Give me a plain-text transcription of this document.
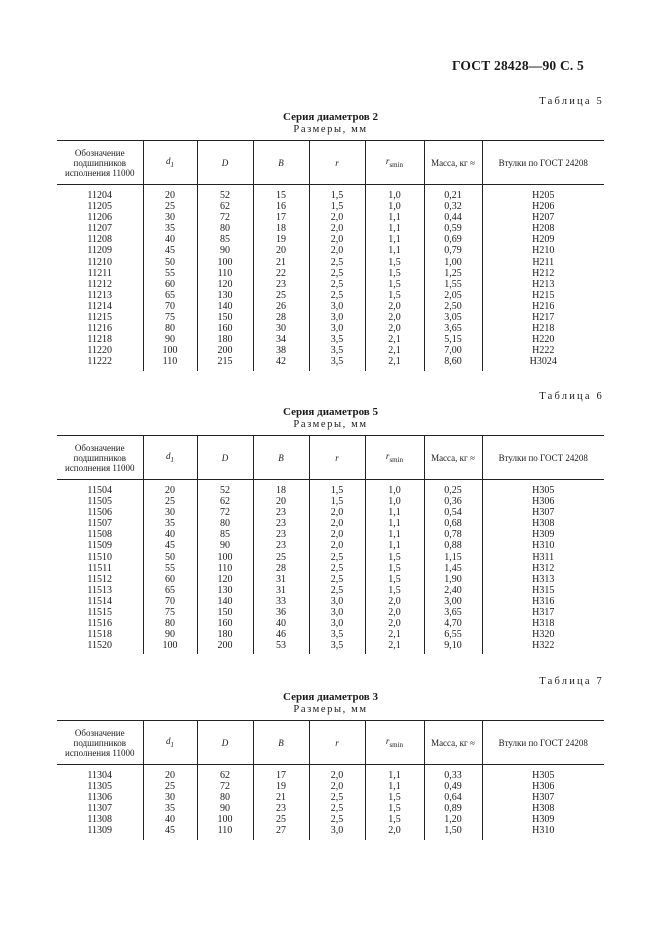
ГОСТ 28428—90 С. 5
Таблица 5
Серия диаметров 2
Размеры, мм
Обозначение подшипников исполнения 11000	$d_1$	D	B	r	$r_{smin}$	Масса, кг ≈	Втулки по ГОСТ 24208
11204	20	52	15	1,5	1,0	0,21	H205
11205	25	62	16	1,5	1,0	0,32	H206
11206	30	72	17	2,0	1,1	0,44	H207
11207	35	80	18	2,0	1,1	0,59	H208
11208	40	85	19	2,0	1,1	0,69	H209
11209	45	90	20	2,0	1,1	0,79	H210
11210	50	100	21	2,5	1,5	1,00	H211
11211	55	110	22	2,5	1,5	1,25	H212
11212	60	120	23	2,5	1,5	1,55	H213
11213	65	130	25	2,5	1,5	2,05	H215
11214	70	140	26	3,0	2,0	2,50	H216
11215	75	150	28	3,0	2,0	3,05	H217
11216	80	160	30	3,0	2,0	3,65	H218
11218	90	180	34	3,5	2,1	5,15	H220
11220	100	200	38	3,5	2,1	7,00	H222
11222	110	215	42	3,5	2,1	8,60	H3024
Таблица 6
Серия диаметров 5
Размеры, мм
Обозначение подшипников исполнения 11000	$d_1$	D	B	r	$r_{smin}$	Масса, кг ≈	Втулки по ГОСТ 24208
11504	20	52	18	1,5	1,0	0,25	H305
11505	25	62	20	1,5	1,0	0,36	H306
11506	30	72	23	2,0	1,1	0,54	H307
11507	35	80	23	2,0	1,1	0,68	H308
11508	40	85	23	2,0	1,1	0,78	H309
11509	45	90	23	2,0	1,1	0,88	H310
11510	50	100	25	2,5	1,5	1,15	H311
11511	55	110	28	2,5	1,5	1,45	H312
11512	60	120	31	2,5	1,5	1,90	H313
11513	65	130	31	2,5	1,5	2,40	H315
11514	70	140	33	3,0	2,0	3,00	H316
11515	75	150	36	3,0	2,0	3,65	H317
11516	80	160	40	3,0	2,0	4,70	H318
11518	90	180	46	3,5	2,1	6,55	H320
11520	100	200	53	3,5	2,1	9,10	H322
Таблица 7
Серия диаметров 3
Размеры, мм
Обозначение подшипников исполнения 11000	$d_1$	D	B	r	$r_{smin}$	Масса, кг ≈	Втулки по ГОСТ 24208
11304	20	62	17	2,0	1,1	0,33	H305
11305	25	72	19	2,0	1,1	0,49	H306
11306	30	80	21	2,5	1,5	0,64	H307
11307	35	90	23	2,5	1,5	0,89	H308
11308	40	100	25	2,5	1,5	1,20	H309
11309	45	110	27	3,0	2,0	1,50	H310
